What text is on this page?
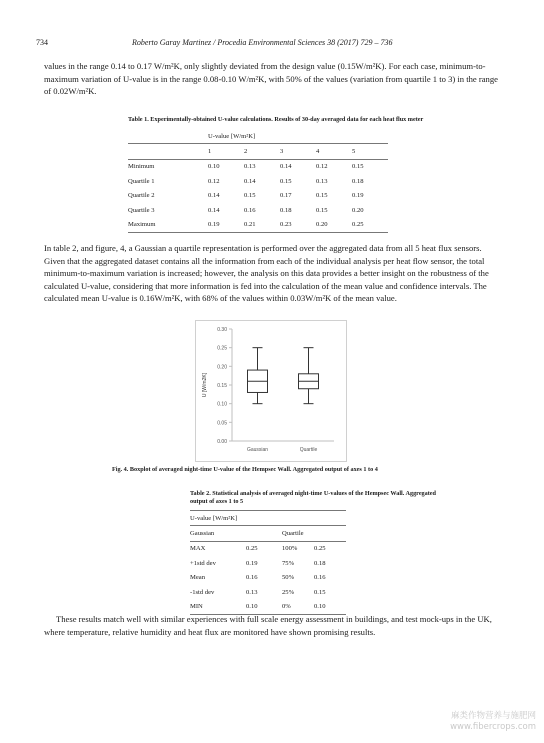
734	Roberto Garay Martinez / Procedia Environmental Sciences 38 (2017) 729 – 736

values in the range 0.14 to 0.17 W/m²K, only slightly deviated from the design value (0.15W/m²K). For each case, minimum-to-maximum variation of U-value is in the range 0.08-0.10 W/m²K, with 50% of the values (variation from quartile 1 to 3) in the range of 0.02W/m²K.

Table 1. Experimentally-obtained U-value calculations. Results of 30-day averaged data for each heat flux meter
	U-value [W/m²K]				
	1	2	3	4	5
Minimum	0.10	0.13	0.14	0.12	0.15
Quartile 1	0.12	0.14	0.15	0.13	0.18
Quartile 2	0.14	0.15	0.17	0.15	0.19
Quartile 3	0.14	0.16	0.18	0.15	0.20
Maximum	0.19	0.21	0.23	0.20	0.25

In table 2, and figure, 4, a Gaussian a quartile representation is performed over the aggregated data from all 5 heat flux sensors. Given that the aggregated dataset contains all the information from each of the individual analysis per heat flow sensor, the total minimum-to-maximum variation is increased; however, the analysis on this data provides a better insight on the robustness of the calculated U-value, considering that more information is fed into the calculation of the mean value and confidence intervals. The calculated mean U-value is 0.16W/m²K, with 68% of the values within 0.03W/m²K of the mean value.

0.00
0.05
0.10
0.15
0.20
0.25
0.30
U [W/m2K]
Gaussian	Quartile
Fig. 4. Boxplot of averaged night-time U-value of the Hempsec Wall. Aggregated output of axes 1 to 4
Table 2. Statistical analysis of averaged night-time U-values of the Hempsec Wall. Aggregated
output of axes 1 to 5
U-value [W/m²K]			
Gaussian		Quartile	
MAX	0.25	100%	0.25
+1std dev	0.19	75%	0.18
Mean	0.16	50%	0.16
-1std dev	0.13	25%	0.15
MIN	0.10	0%	0.10

These results match well with similar experiences with full scale energy assessment in buildings, and test mock-ups in the UK, where temperature, relative humidity and heat flux are monitored have shown promising results.

麻类作物营养与施肥网
www.fibercrops.com
